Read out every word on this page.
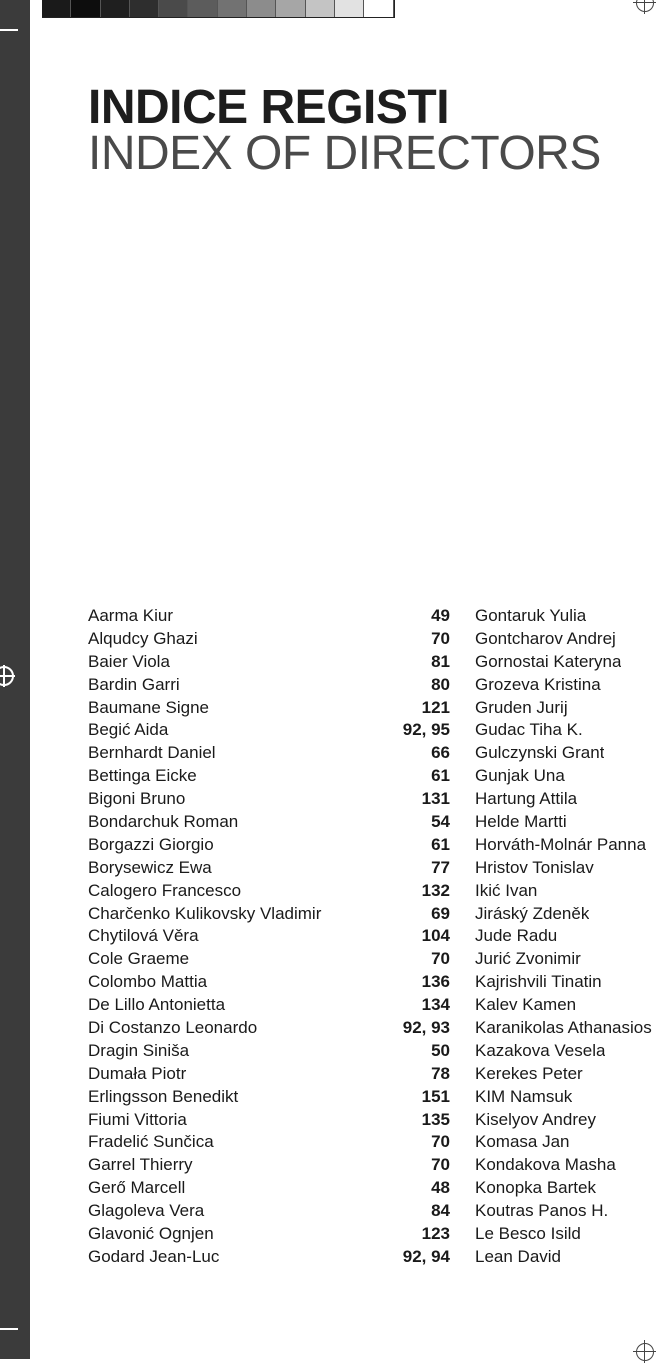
INDICE REGISTI
INDEX OF DIRECTORS
Aarma Kiur	49
Alqudcy Ghazi	70
Baier Viola	81
Bardin Garri	80
Baumane Signe	121
Begić Aida	92, 95
Bernhardt Daniel	66
Bettinga Eicke	61
Bigoni Bruno	131
Bondarchuk Roman	54
Borgazzi Giorgio	61
Borysewicz Ewa	77
Calogero Francesco	132
Charčenko Kulikovsky Vladimir	69
Chytilová Věra	104
Cole Graeme	70
Colombo Mattia	136
De Lillo Antonietta	134
Di Costanzo Leonardo	92, 93
Dragin Siniša	50
Dumała Piotr	78
Erlingsson Benedikt	151
Fiumi Vittoria	135
Fradelić Sunčica	70
Garrel Thierry	70
Gerő Marcell	48
Glagoleva Vera	84
Glavonić Ognjen	123
Godard Jean-Luc	92, 94
Gontaruk Yulia
Gontcharov Andrej
Gornostai Kateryna
Grozeva Kristina
Gruden Jurij
Gudac Tiha K.
Gulczynski Grant
Gunjak Una
Hartung Attila
Helde Martti
Horváth-Molnár Panna
Hristov Tonislav
Ikić Ivan
Jiráský Zdeněk
Jude Radu
Jurić Zvonimir
Kajrishvili Tinatin
Kalev Kamen
Karanikolas Athanasios
Kazakova Vesela
Kerekes Peter
KIM Namsuk
Kiselyov Andrey
Komasa Jan
Kondakova Masha
Konopka Bartek
Koutras Panos H.
Le Besco Isild
Lean David
